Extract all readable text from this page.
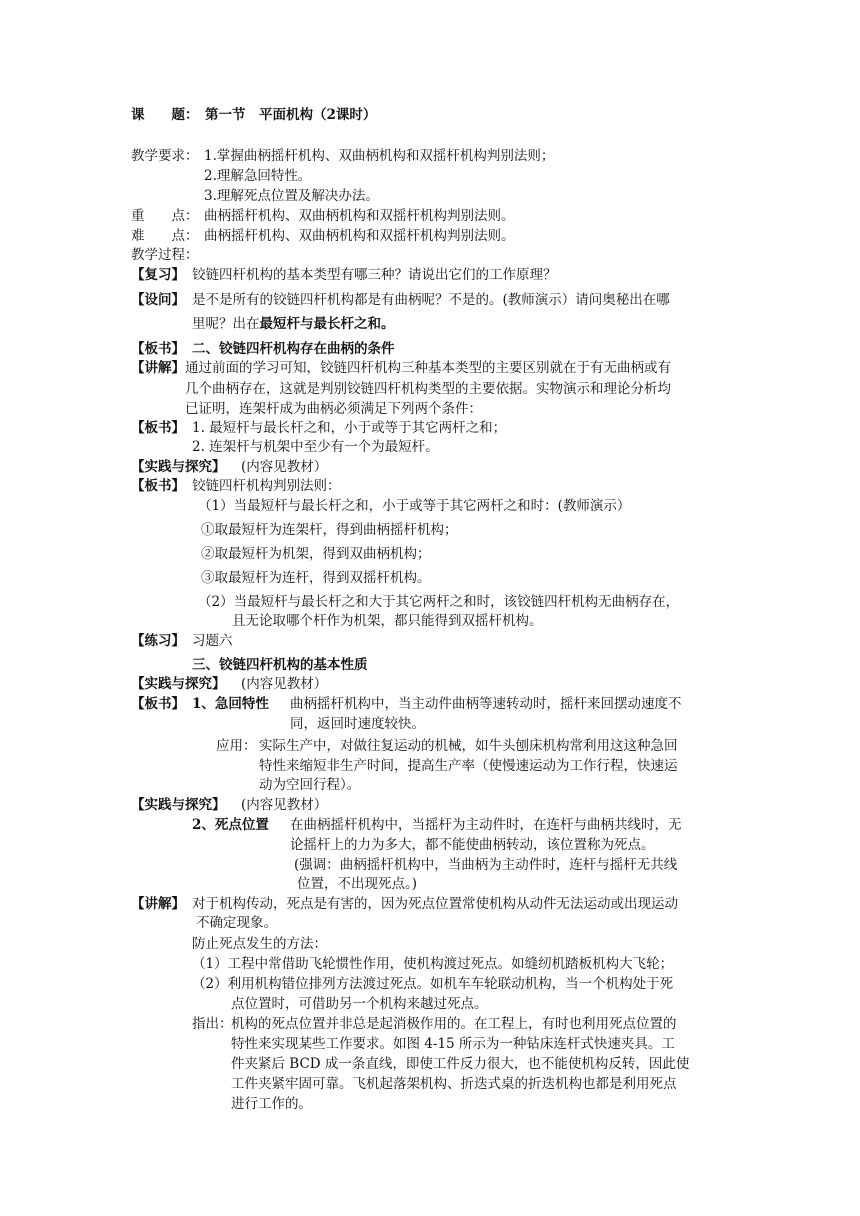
课　　题： 第一节　平面机构（2课时）
教学要求： 1.掌握曲柄摇杆机构、双曲柄机构和双摇杆机构判别法则；
2.理解急回特性。
3.理解死点位置及解决办法。
重　　点： 曲柄摇杆机构、双曲柄机构和双摇杆机构判别法则。
难　　点： 曲柄摇杆机构、双曲柄机构和双摇杆机构判别法则。
教学过程：
【复习】 铰链四杆机构的基本类型有哪三种？请说出它们的工作原理？
【设问】 是不是所有的铰链四杆机构都是有曲柄呢？不是的。(教师演示）请问奥秘出在哪
里呢？出在最短杆与最长杆之和。
【板书】 二、铰链四杆机构存在曲柄的条件
【讲解】 通过前面的学习可知，铰链四杆机构三种基本类型的主要区别就在于有无曲柄或有
几个曲柄存在，这就是判别铰链四杆机构类型的主要依据。实物演示和理论分析均
已证明，连架杆成为曲柄必须满足下列两个条件：
【板书】 1. 最短杆与最长杆之和，小于或等于其它两杆之和；
2. 连架杆与机架中至少有一个为最短杆。
【实践与探究】 (内容见教材）
【板书】 铰链四杆机构判别法则：
（1）当最短杆与最长杆之和，小于或等于其它两杆之和时：(教师演示）
①取最短杆为连架杆，得到曲柄摇杆机构；
②取最短杆为机架，得到双曲柄机构；
③取最短杆为连杆，得到双摇杆机构。
（2）当最短杆与最长杆之和大于其它两杆之和时，该铰链四杆机构无曲柄存在，
且无论取哪个杆作为机架，都只能得到双摇杆机构。
【练习】 习题六
三、铰链四杆机构的基本性质
【实践与探究】 (内容见教材）
【板书】 1、急回特性 曲柄摇杆机构中，当主动件曲柄等速转动时，摇杆来回摆动速度不
同，返回时速度较快。
应用： 实际生产中，对做往复运动的机械，如牛头刨床机构常利用这这种急回
特性来缩短非生产时间，提高生产率（使慢速运动为工作行程，快速运
动为空回行程）。
【实践与探究】 (内容见教材）
2、死点位置 在曲柄摇杆机构中，当摇杆为主动件时，在连杆与曲柄共线时，无
论摇杆上的力为多大，都不能使曲柄转动，该位置称为死点。
(强调：曲柄摇杆机构中，当曲柄为主动件时，连杆与摇杆无共线
位置，不出现死点。)
【讲解】 对于机构传动，死点是有害的，因为死点位置常使机构从动件无法运动或出现运动
不确定现象。
防止死点发生的方法：
（1）工程中常借助飞轮惯性作用，使机构渡过死点。如缝纫机踏板机构大飞轮；
（2）利用机构错位排列方法渡过死点。如机车车轮联动机构，当一个机构处于死
点位置时，可借助另一个机构来越过死点。
指出：
机构的死点位置并非总是起消极作用的。在工程上，有时也利用死点位置的
特性来实现某些工作要求。如图 4-15 所示为一种钻床连杆式快速夹具。工
件夹紧后 BCD 成一条直线，即使工件反力很大，也不能使机构反转，因此使
工件夹紧牢固可靠。飞机起落架机构、折迭式桌的折迭机构也都是利用死点
进行工作的。
